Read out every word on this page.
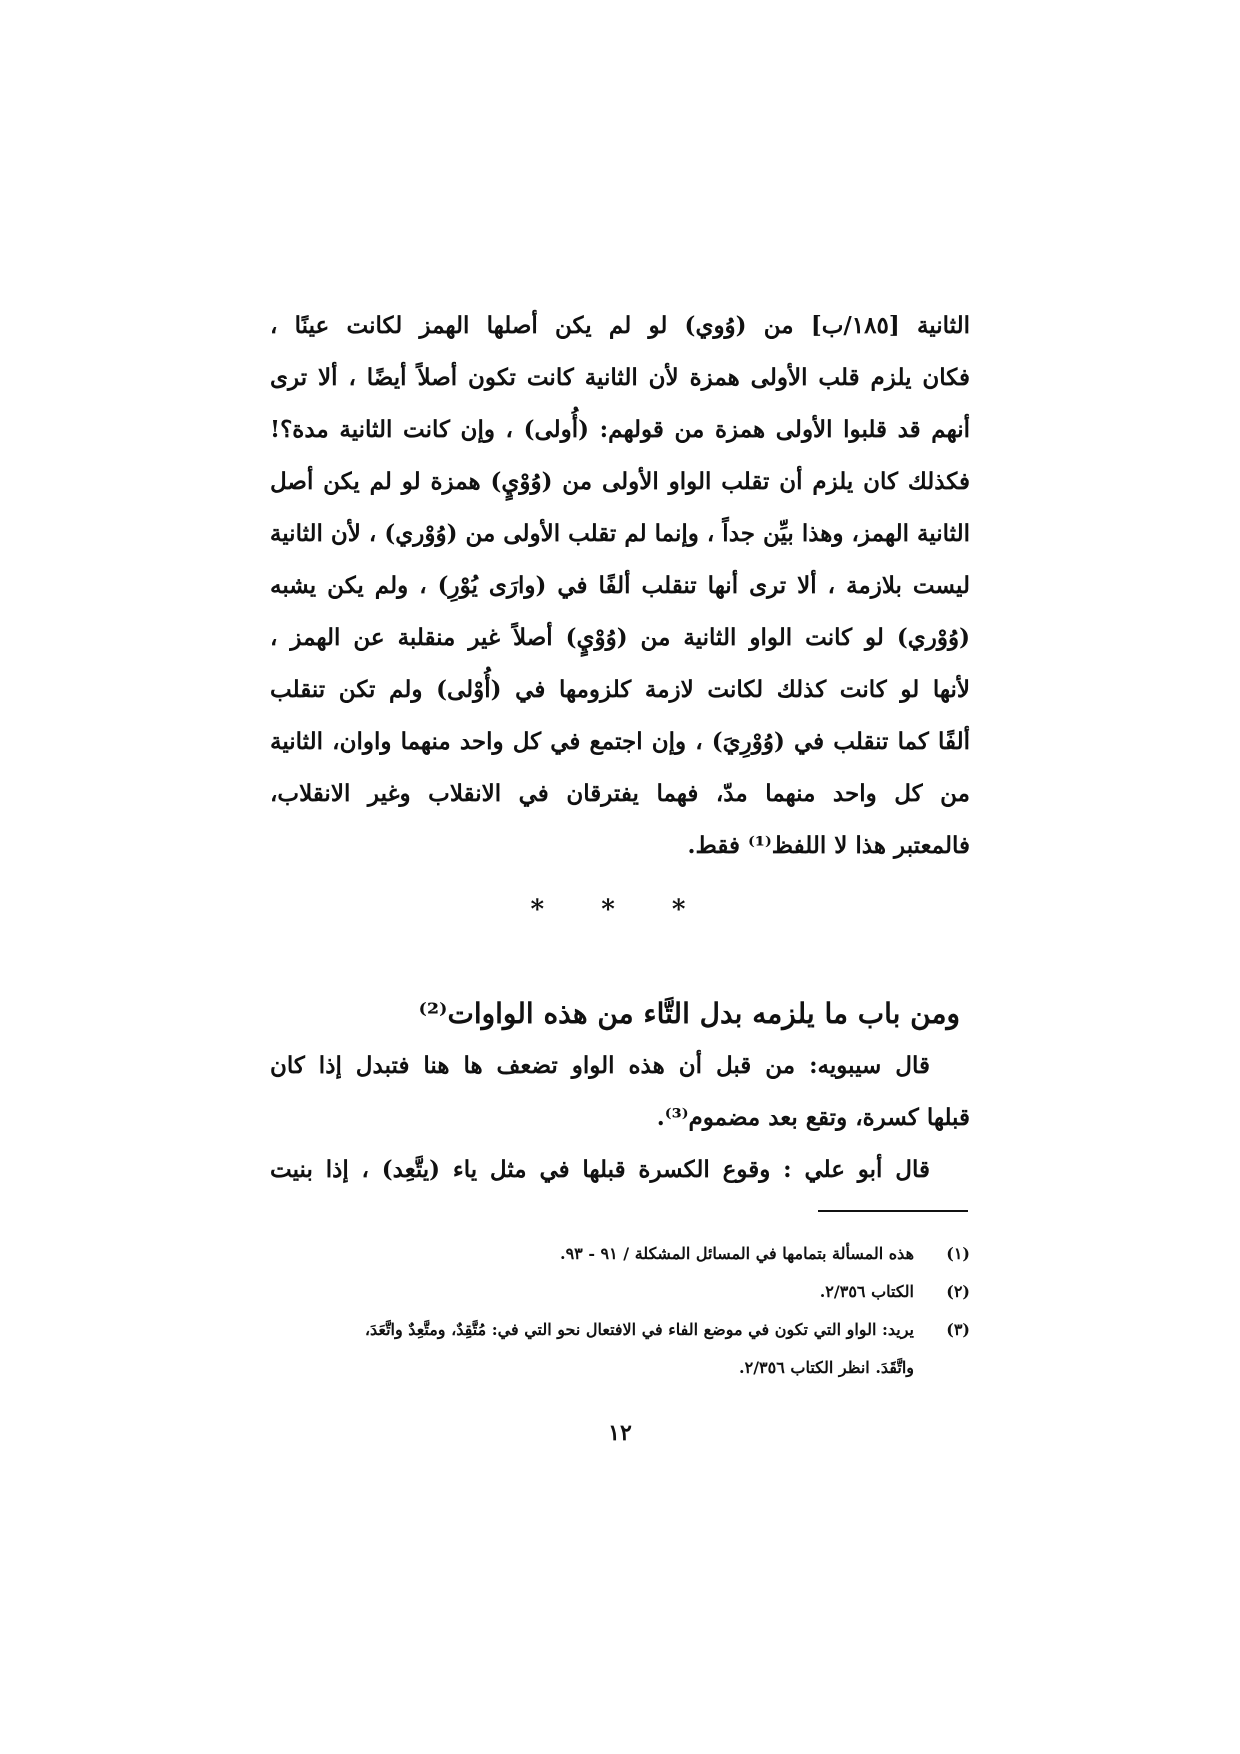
الثانية [١٨٥/ب] من (وُوي) لو لم يكن أصلها الهمز لكانت عينًا ،
فكان يلزم قلب الأولى همزة لأن الثانية كانت تكون أصلاً أيضًا ، ألا ترى
أنهم قد قلبوا الأولى همزة من قولهم: (أُولى) ، وإن كانت الثانية مدة؟!
فكذلك كان يلزم أن تقلب الواو الأولى من (وُوْيٍ) همزة لو لم يكن أصل
الثانية الهمز، وهذا بيِّن جداً ، وإنما لم تقلب الأولى من (وُوْري) ، لأن الثانية
ليست بلازمة ، ألا ترى أنها تنقلب ألفًا في (وارَى يُوْرِ) ، ولم يكن يشبه
(وُوْري) لو كانت الواو الثانية من (وُوْيٍ) أصلاً غير منقلبة عن الهمز ،
لأنها لو كانت كذلك لكانت لازمة كلزومها في (أُوْلى) ولم تكن تنقلب
ألفًا كما تنقلب في (وُوْرِيَ) ، وإن اجتمع في كل واحد منهما واوان، الثانية
من كل واحد منهما مدّ، فهما يفترقان في الانقلاب وغير الانقلاب،
فالمعتبر هذا لا اللفظ⁽¹⁾ فقط.
* * *
ومن باب ما يلزمه بدل التَّاء من هذه الواوات⁽²⁾
قال سيبويه: من قبل أن هذه الواو تضعف ها هنا فتبدل إذا كان
قبلها كسرة، وتقع بعد مضموم⁽³⁾.
قال أبو علي : وقوع الكسرة قبلها في مثل ياء (يتَّعِد) ، إذا بنيت
(١)
هذه المسألة بتمامها في المسائل المشكلة / ٩١ - ٩٣.
(٢)
الكتاب ٢/٣٥٦.
(٣)
يريد: الواو التي تكون في موضع الفاء في الافتعال نحو التي في: مُتَّقِدٌ، ومتَّعِدٌ واتَّعَدَ،
واتَّقَدَ. انظر الكتاب ٢/٣٥٦.
١٢
